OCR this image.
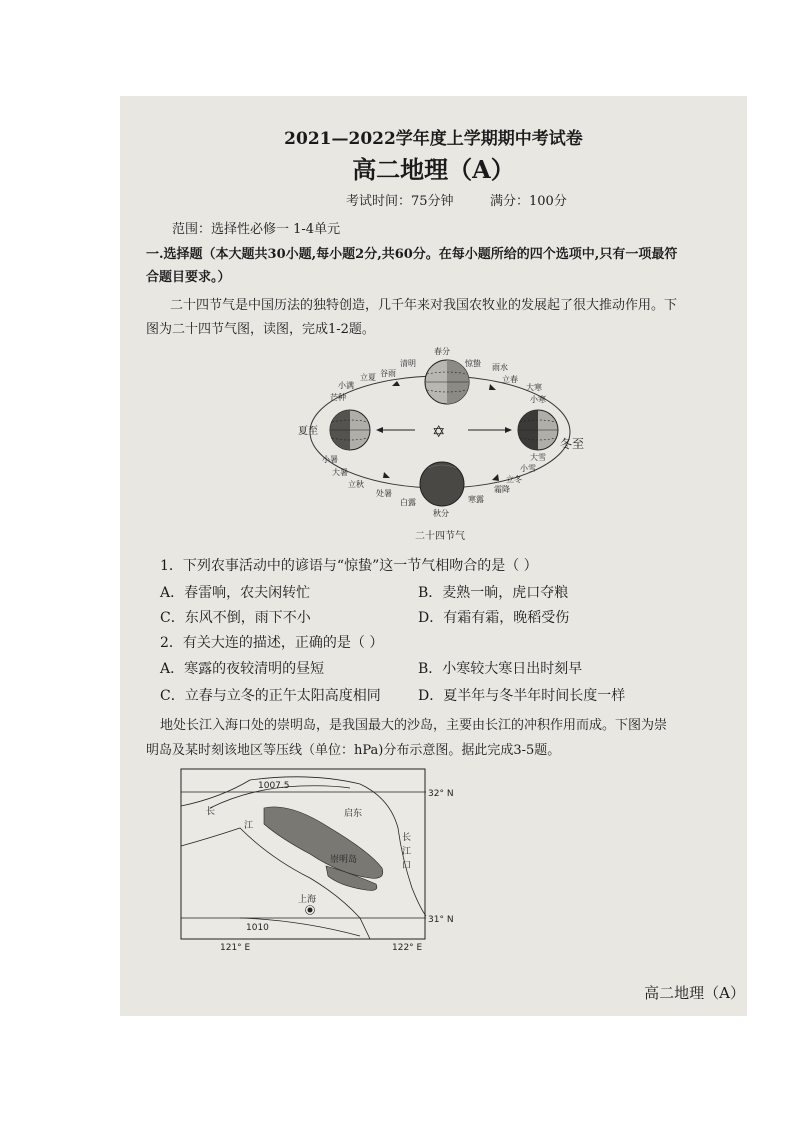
2021—2022学年度上学期期中考试卷
高二地理（A）
考试时间：75分钟	满分：100分
范围：选择性必修一 1-4单元
一.选择题（本大题共30小题,每小题2分,共60分。在每小题所给的四个选项中,只有一项最符
合题目要求。）
二十四节气是中国历法的独特创造，几千年来对我国农牧业的发展起了很大推动作用。下
图为二十四节气图，读图，完成1-2题。
✡
春分
清明
谷雨
惊蛰 雨水
立春
立夏
小满
芒种
大寒
小寒
夏至
冬至
小暑
大暑
立秋
处暑
白露
秋分
寒露
霜降
立冬
小雪
大雪
二十四节气
1．下列农事活动中的谚语与“惊蛰”这一节气相吻合的是（ ）
A．春雷响，农夫闲转忙	B．麦熟一晌，虎口夺粮
C．东风不倒，雨下不小	D．有霜有霜，晚稻受伤
2．有关大连的描述，正确的是（ ）
A．寒露的夜较清明的昼短	B．小寒较大寒日出时刻早
C．立春与立冬的正午太阳高度相同	D．夏半年与冬半年时间长度一样
地处长江入海口处的崇明岛，是我国最大的沙岛，主要由长江的冲积作用而成。下图为崇
明岛及某时刻该地区等压线（单位：hPa)分布示意图。据此完成3-5题。
1007.5
1010
32° N
31° N
121° E	122° E
启东
崇明岛
上海
长
江
长
江
口
高二地理（A）
